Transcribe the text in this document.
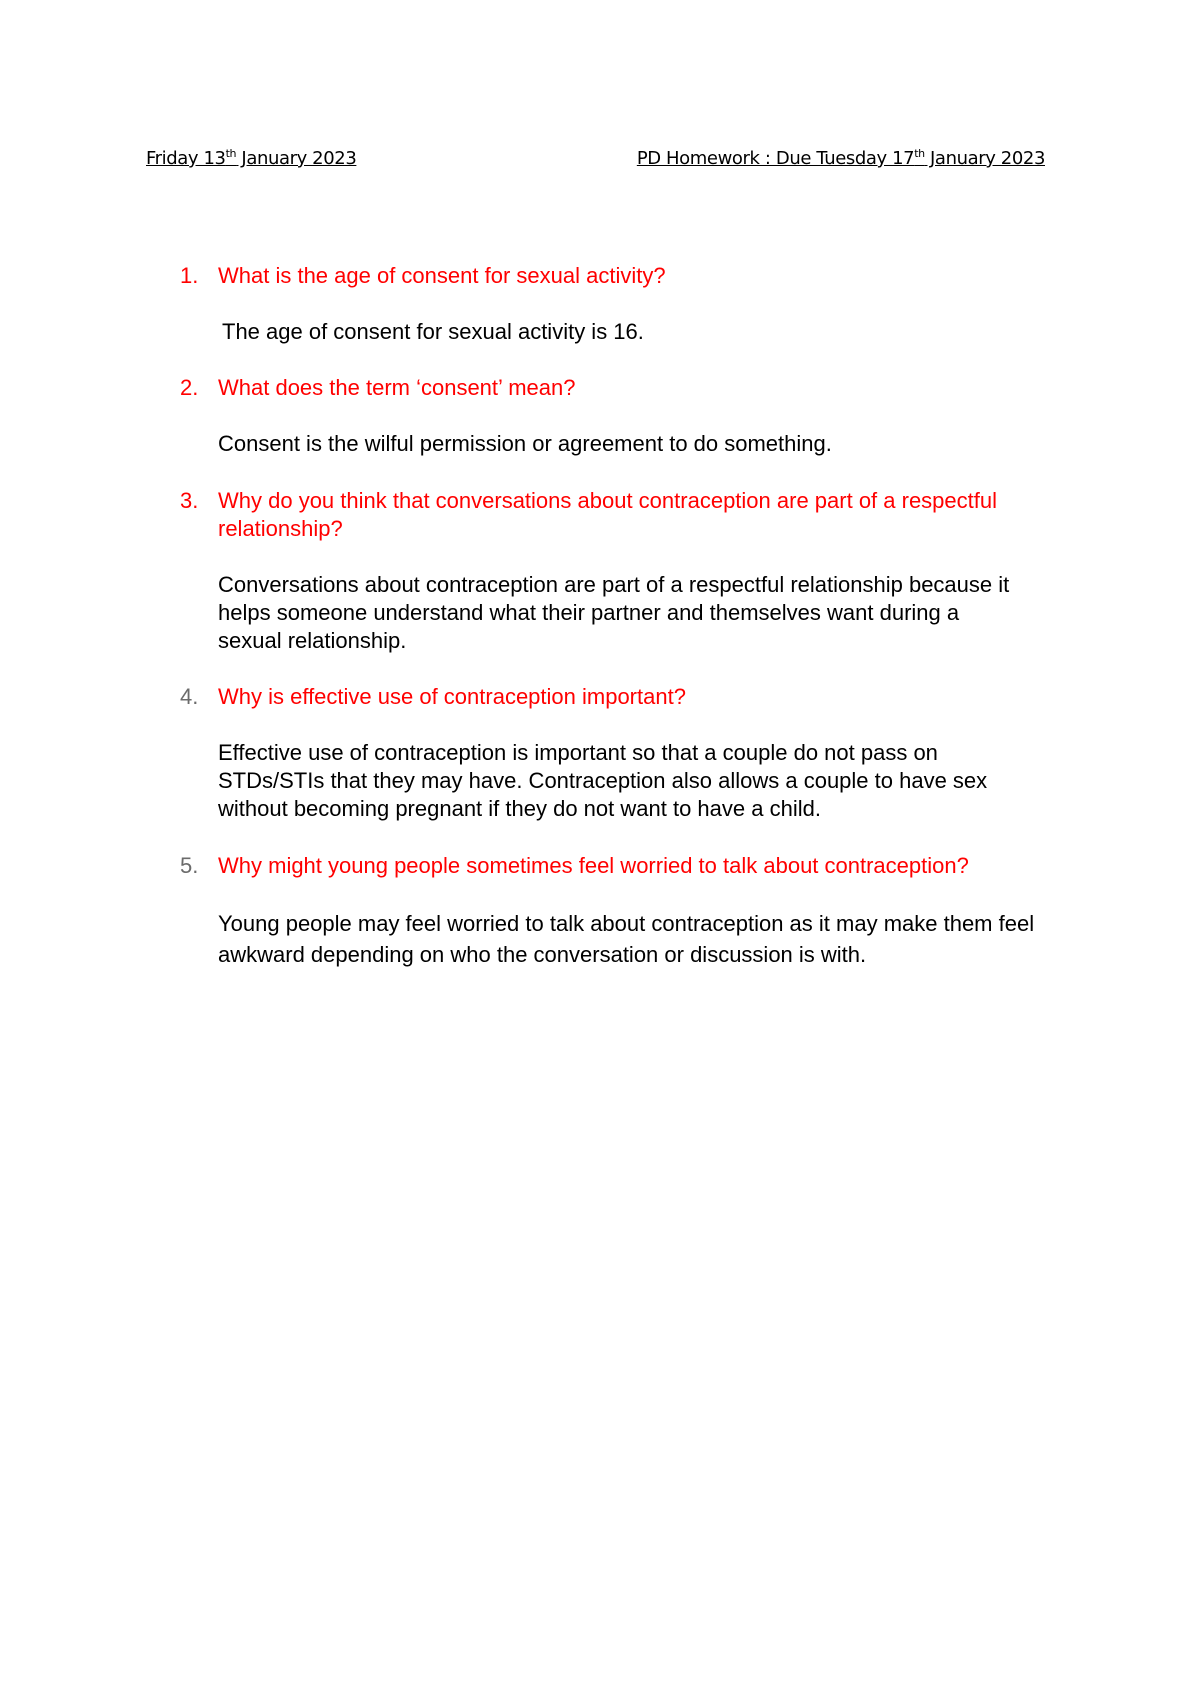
Friday 13th January 2023	PD Homework : Due Tuesday 17th January 2023
1. What is the age of consent for sexual activity?
The age of consent for sexual activity is 16.
2. What does the term ‘consent’ mean?
Consent is the wilful permission or agreement to do something.
3. Why do you think that conversations about contraception are part of a respectful relationship?
Conversations about contraception are part of a respectful relationship because it helps someone understand what their partner and themselves want during a sexual relationship.
4. Why is effective use of contraception important?
Effective use of contraception is important so that a couple do not pass on STDs/STIs that they may have. Contraception also allows a couple to have sex without becoming pregnant if they do not want to have a child.
5. Why might young people sometimes feel worried to talk about contraception?
Young people may feel worried to talk about contraception as it may make them feel awkward depending on who the conversation or discussion is with.
